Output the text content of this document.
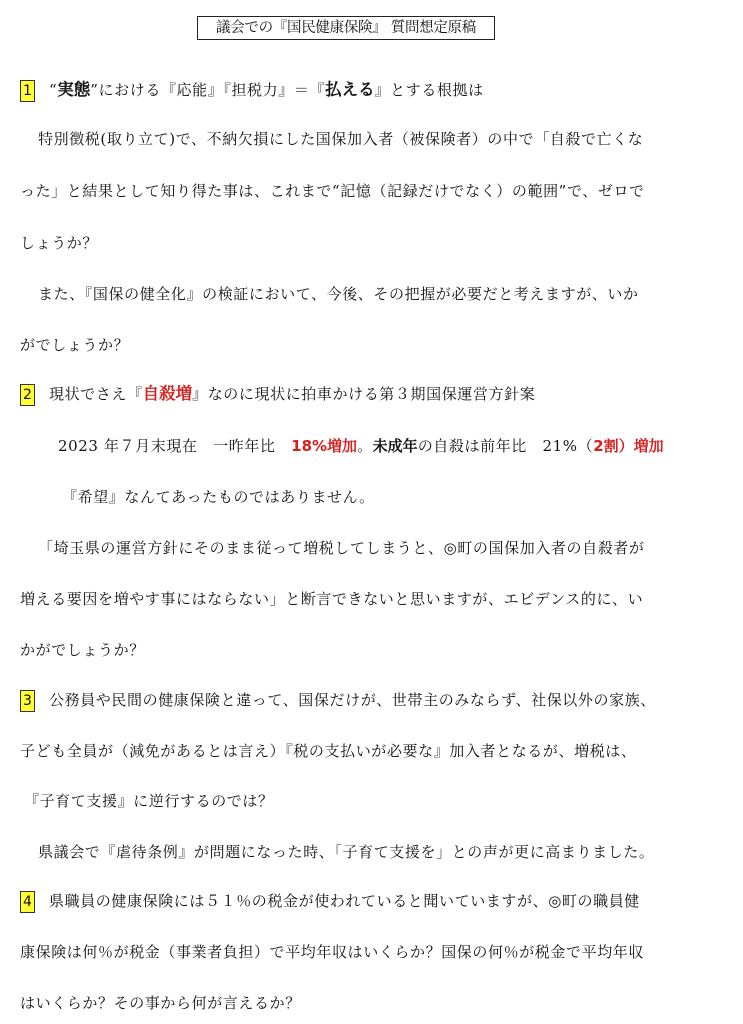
議会での『国民健康保険』 質問想定原稿
1 “実態”における『応能』『担税力』＝『払える』とする根拠は
特別徴税(取り立て)で、不納欠損にした国保加入者（被保険者）の中で「自殺で亡くな
った」と結果として知り得た事は、これまで“記憶（記録だけでなく）の範囲”で、ゼロで
しょうか？
また、『国保の健全化』の検証において、今後、その把握が必要だと考えますが、いか
がでしょうか？
2 現状でさえ『自殺増』なのに現状に拍車かける第３期国保運営方針案
2023 年７月末現在　一昨年比　18%増加。未成年の自殺は前年比　21%（2割）増加
『希望』なんてあったものではありません。
「埼玉県の運営方針にそのまま従って増税してしまうと、◎町の国保加入者の自殺者が
増える要因を増やす事にはならない」と断言できないと思いますが、エビデンス的に、い
かがでしょうか？
3 公務員や民間の健康保険と違って、国保だけが、世帯主のみならず、社保以外の家族、
子ども全員が（減免があるとは言え）『税の支払いが必要な』加入者となるが、増税は、
『子育て支援』に逆行するのでは？
県議会で『虐待条例』が問題になった時、「子育て支援を」との声が更に高まりました。
4 県職員の健康保険には５１％の税金が使われていると聞いていますが、◎町の職員健
康保険は何％が税金（事業者負担）で平均年収はいくらか？国保の何％が税金で平均年収
はいくらか？その事から何が言えるか？
